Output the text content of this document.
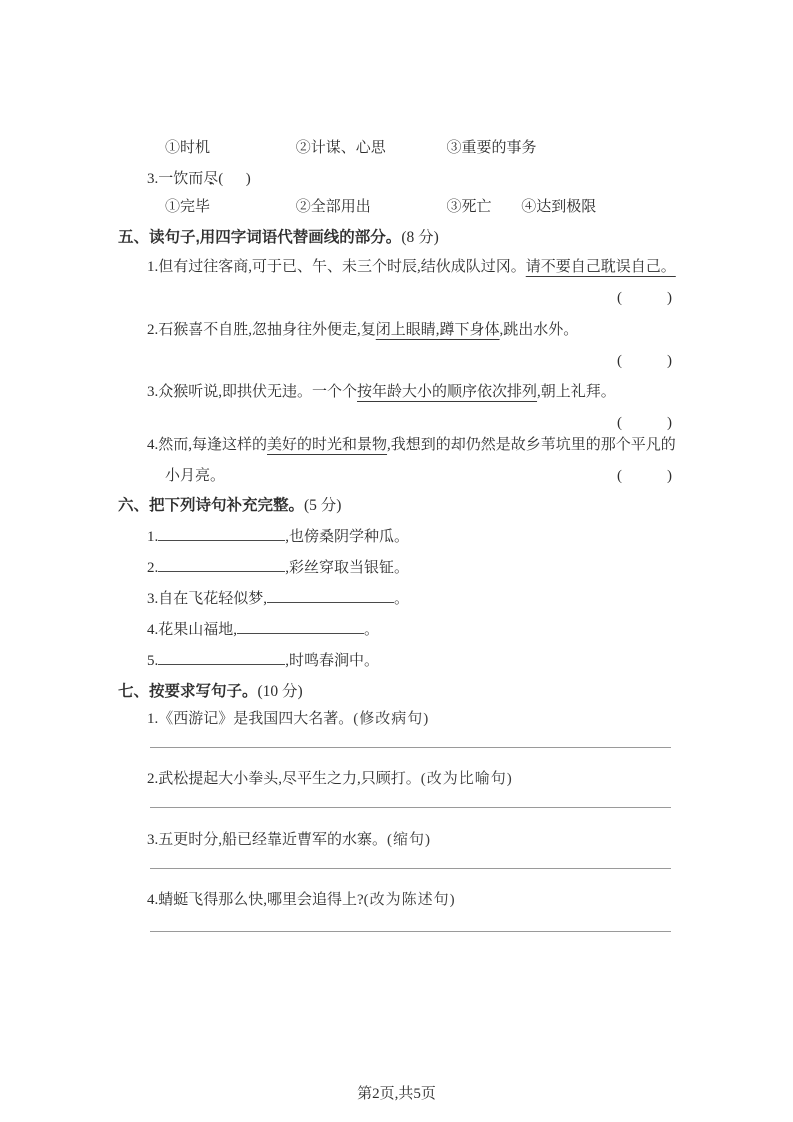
①时机	②计谋、心思	③重要的事务
3.一饮而尽 ·(      )
①完毕	②全部用出	③死亡 ④达到极限
五、读句子,用四字词语代替画线的部分。(8 分)
1.但有过往客商,可于已、午、未三个时辰,结伙成队过冈。请不要自己耽误自己。
(            )
2.石猴喜不自胜,忽抽身往外便走,复闭上眼睛,蹲下身体,跳出水外。
(            )
3.众猴听说,即拱伏无违。一个个按年龄大小的顺序依次排列,朝上礼拜。
(            )
4.然而,每逢这样的美好的时光和景物,我想到的却仍然是故乡苇坑里的那个平凡的小月亮。	(            )
六、把下列诗句补充完整。(5 分)
1.	,也傍桑阴学种瓜。
2.	,彩丝穿取当银钲。
3.自在飞花轻似梦,	。
4.花果山福地,	。
5.	,时鸣春涧中。
七、按要求写句子。(10 分)
1.《西游记》是我国四大名著。(修改病句)
2.武松提起大小拳头,尽平生之力,只顾打。(改为比喻句)
3.五更时分,船已经靠近曹军的水寨。(缩句)
4.蜻蜓飞得那么快,哪里会追得上?(改为陈述句)
第2页,共5页
